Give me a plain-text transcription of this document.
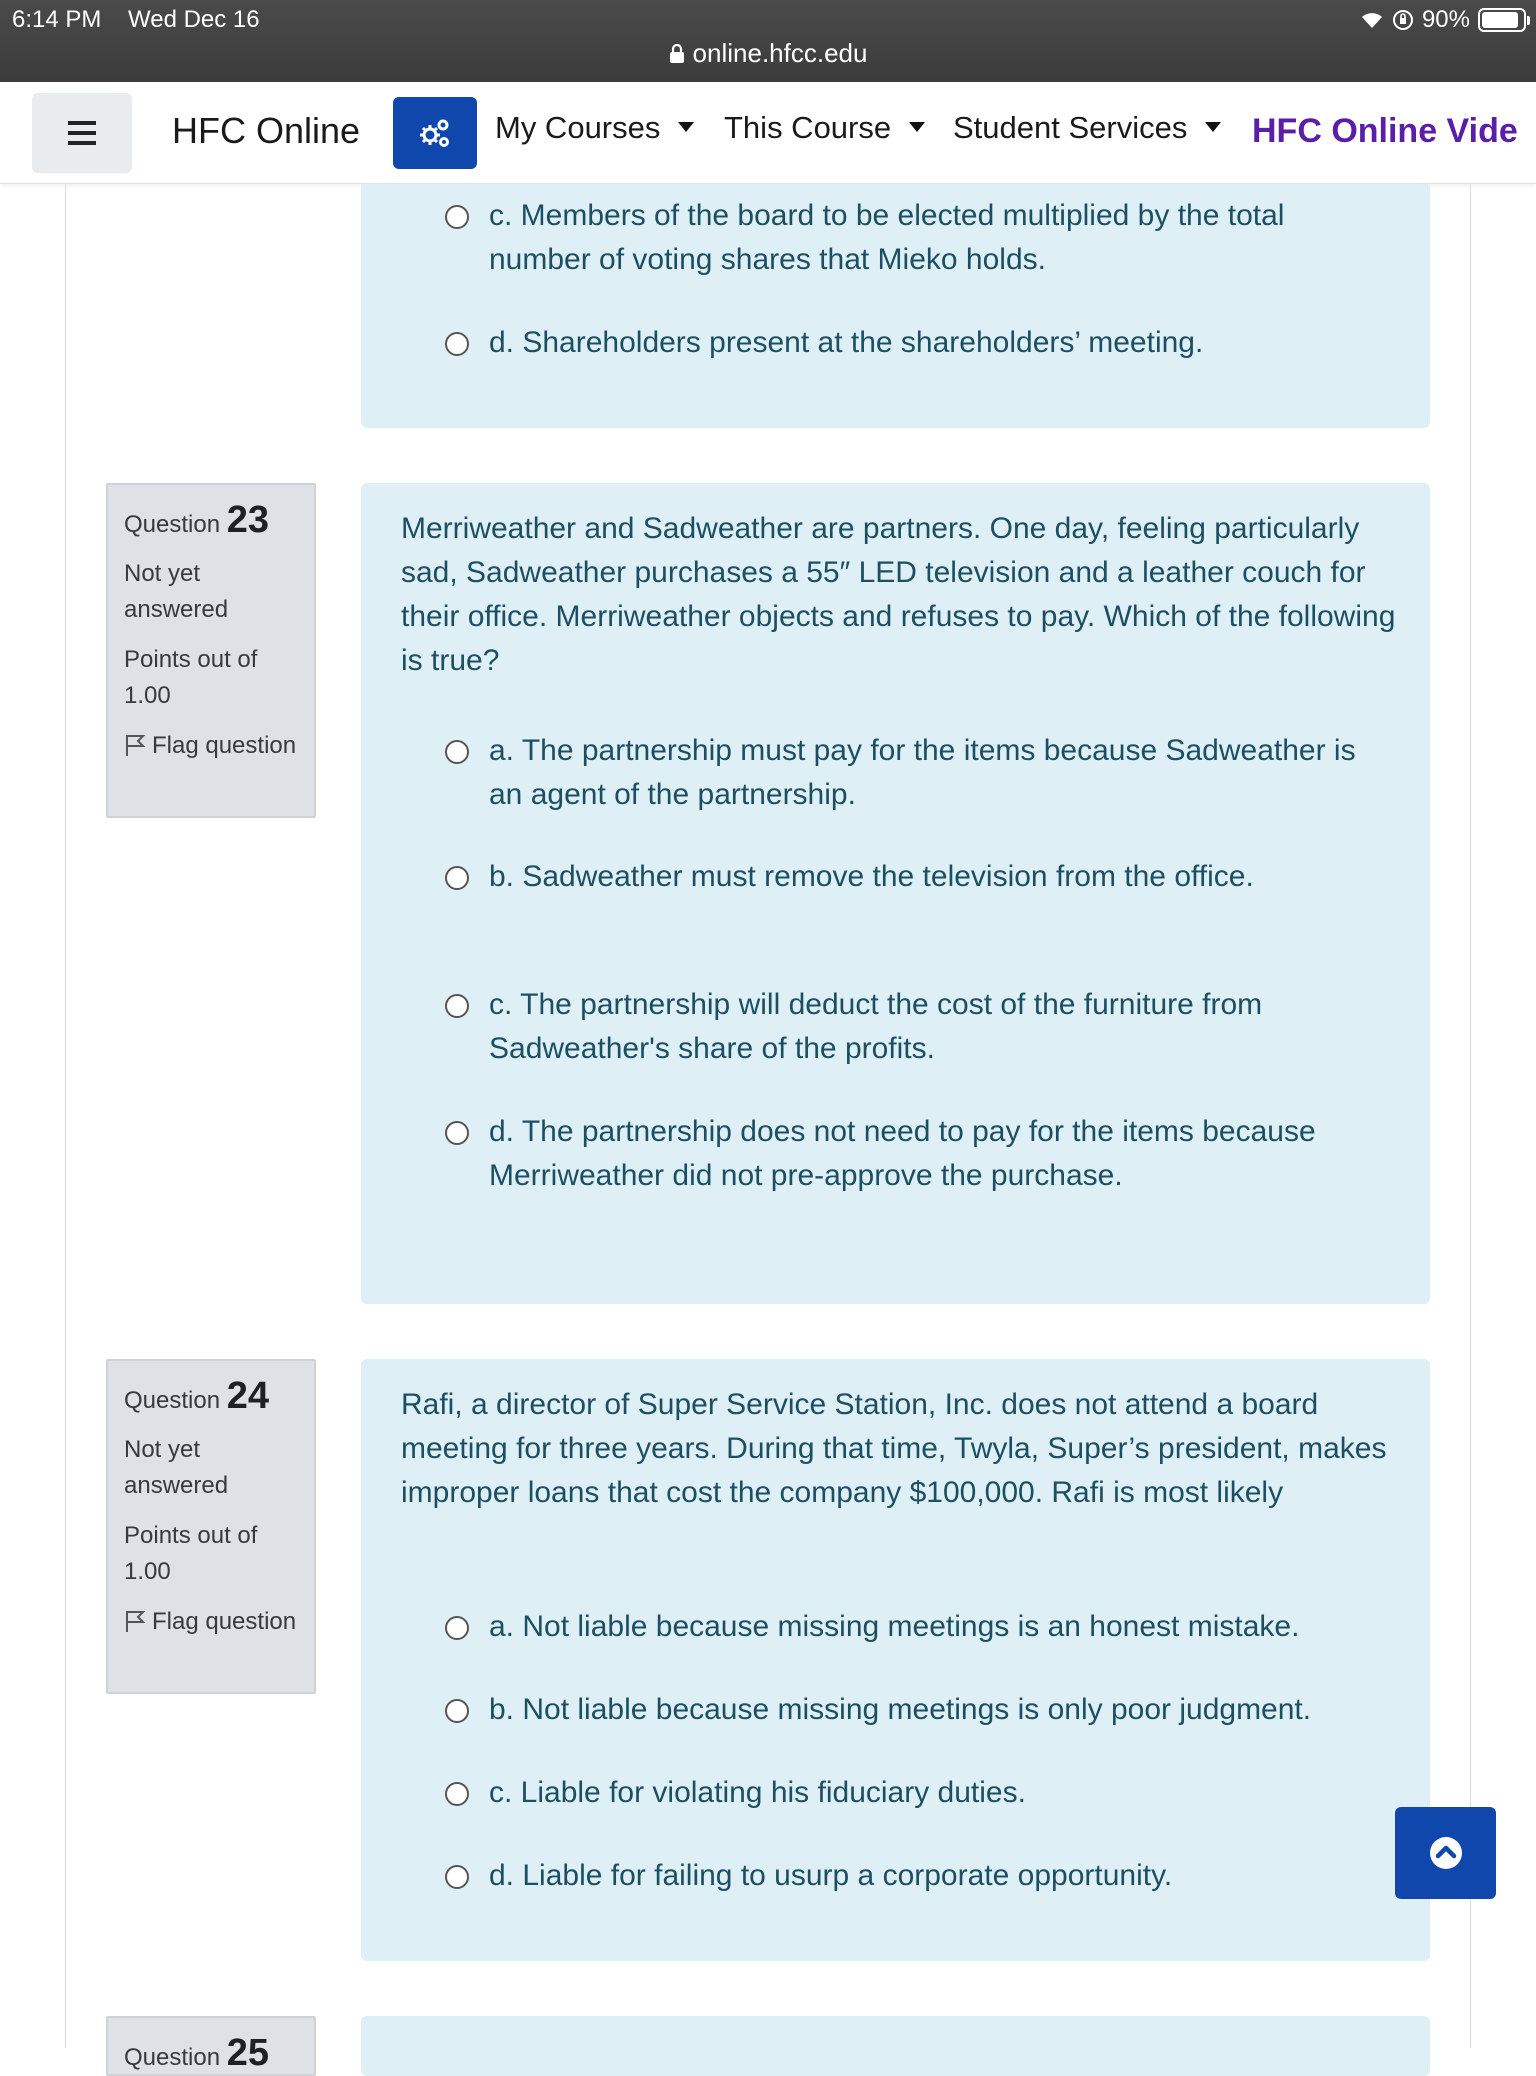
6:14 PM Wed Dec 16	90%
online.hfcc.edu
HFC Online	My Courses	This Course	Student Services	HFC Online Vide
c. Members of the board to be elected multiplied by the total number of voting shares that Mieko holds.
d. Shareholders present at the shareholders’ meeting.
Question 23
Not yet answered
Points out of 1.00
Flag question
Merriweather and Sadweather are partners. One day, feeling particularly sad, Sadweather purchases a 55″ LED television and a leather couch for their office. Merriweather objects and refuses to pay. Which of the following is true?
a. The partnership must pay for the items because Sadweather is an agent of the partnership.
b. Sadweather must remove the television from the office.
c. The partnership will deduct the cost of the furniture from Sadweather's share of the profits.
d. The partnership does not need to pay for the items because Merriweather did not pre-approve the purchase.
Question 24
Not yet answered
Points out of 1.00
Flag question
Rafi, a director of Super Service Station, Inc. does not attend a board meeting for three years. During that time, Twyla, Super’s president, makes improper loans that cost the company $100,000. Rafi is most likely
a. Not liable because missing meetings is an honest mistake.
b. Not liable because missing meetings is only poor judgment.
c. Liable for violating his fiduciary duties.
d. Liable for failing to usurp a corporate opportunity.
Question 25
